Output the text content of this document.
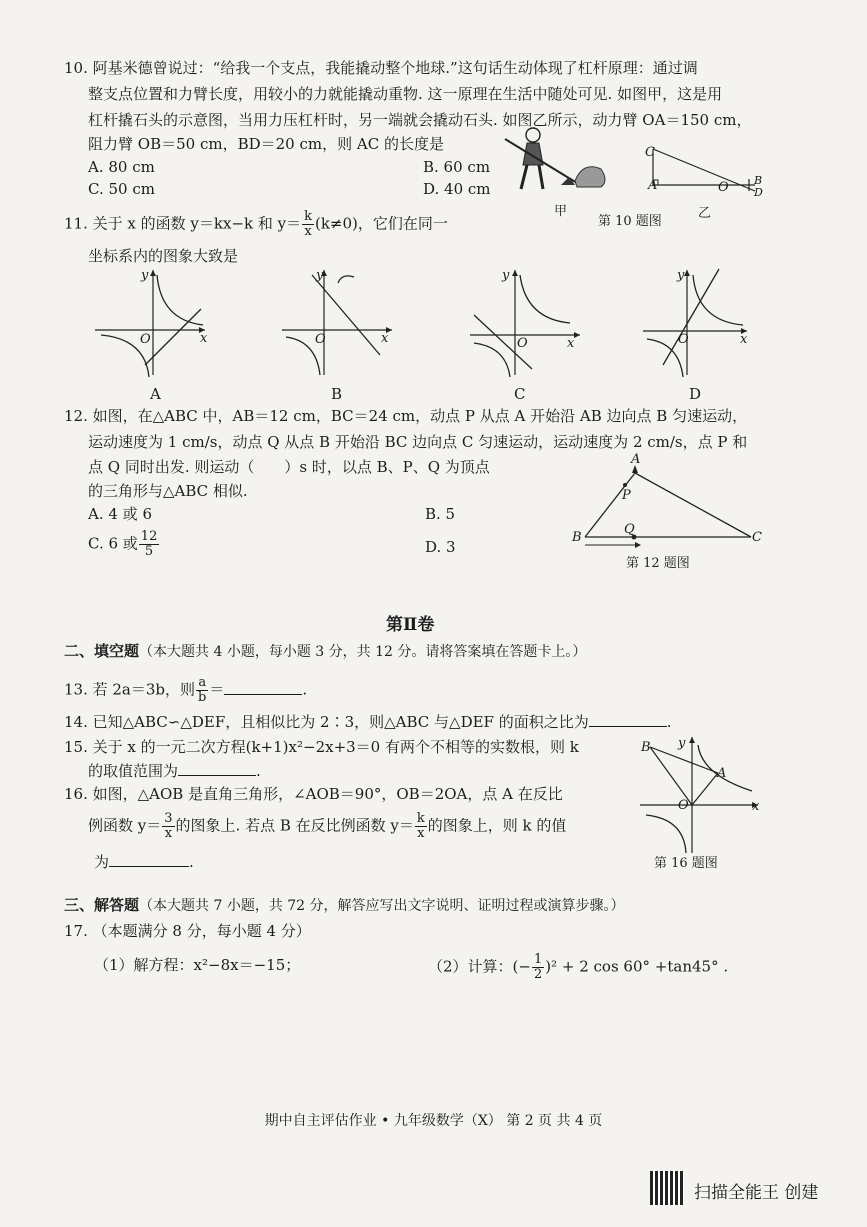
10. 阿基米德曾说过：“给我一个支点，我能撬动整个地球.”这句话生动体现了杠杆原理：通过调
整支点位置和力臂长度，用较小的力就能撬动重物. 这一原理在生活中随处可见. 如图甲，这是用
杠杆撬石头的示意图，当用力压杠杆时，另一端就会撬动石头. 如图乙所示，动力臂 OA＝150 cm，
阻力臂 OB＝50 cm，BD＝20 cm，则 AC 的长度是
A. 80 cm	B. 60 cm
C. 50 cm	D. 40 cm
甲
C
A	O B
D
乙
第 10 题图
11. 关于 x 的函数 y＝kx−k 和 $y= \frac{k}{x} (k\ne 0)$，它们在同一
坐标系内的图象大致是
y
x
O
y
x
O
y
x
O
y
x
O
A	B	C	D
12. 如图，在△ABC 中，AB＝12 cm，BC＝24 cm，动点 P 从点 A 开始沿 AB 边向点 B 匀速运动，
运动速度为 1 cm/s，动点 Q 从点 B 开始沿 BC 边向点 C 匀速运动，运动速度为 2 cm/s，点 P 和
点 Q 同时出发. 则运动（　　）s 时，以点 B、P、Q 为顶点
的三角形与△ABC 相似.
A. 4 或 6	B. 5
C. 6 或 $\frac{12}{5}$	D. 3
A
P
B
Q
C
第 12 题图
第Ⅱ卷
二、填空题（本大题共 4 小题，每小题 3 分，共 12 分。请将答案填在答题卡上。）
13. 若 2a＝3b，则 $\frac{a}{b}$ ＝	.
14. 已知△ABC∽△DEF，且相似比为 2∶3，则△ABC 与△DEF 的面积之比为	.
15. 关于 x 的一元二次方程(k+1)x²−2x+3＝0 有两个不相等的实数根，则 k
的取值范围为	.
16. 如图，△AOB 是直角三角形，∠AOB＝90°，OB＝2OA，点 A 在反比
例函数 $y= \frac{3}{x}$ 的图象上. 若点 B 在反比例函数 $y= \frac{k}{x}$ 的图象上，则 k 的值
为	.
B
A
O
y
x
第 16 题图
三、解答题（本大题共 7 小题，共 72 分，解答应写出文字说明、证明过程或演算步骤。）
17. （本题满分 8 分，每小题 4 分）
（1）解方程：x²−8x＝−15；	（2）计算：(− $\frac{1}{2} )^2 + 2$ cos 60° +tan45° .
期中自主评估作业 • 九年级数学（X） 第 2 页 共 4 页
扫描全能王 创建
